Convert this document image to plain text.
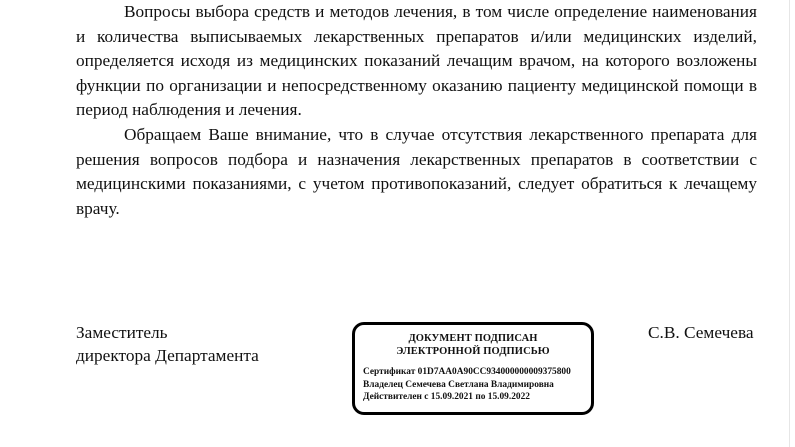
Вопросы выбора средств и методов лечения, в том числе определение наименования и количества выписываемых лекарственных препаратов и/или медицинских изделий, определяется исходя из медицинских показаний лечащим врачом, на которого возложены функции по организации и непосредственному оказанию пациенту медицинской помощи в период наблюдения и лечения.

Обращаем Ваше внимание, что в случае отсутствия лекарственного препарата для решения вопросов подбора и назначения лекарственных препаратов в соответствии с медицинскими показаниями, с учетом противопоказаний, следует обратиться к лечащему врачу.

Заместитель
директора Департамента
ДОКУМЕНТ ПОДПИСАН
ЭЛЕКТРОННОЙ ПОДПИСЬЮ
Сертификат 01D7AA0A90CC934000000009375800
Владелец Семечева Светлана Владимировна
Действителен с 15.09.2021 по 15.09.2022
С.В. Семечева
